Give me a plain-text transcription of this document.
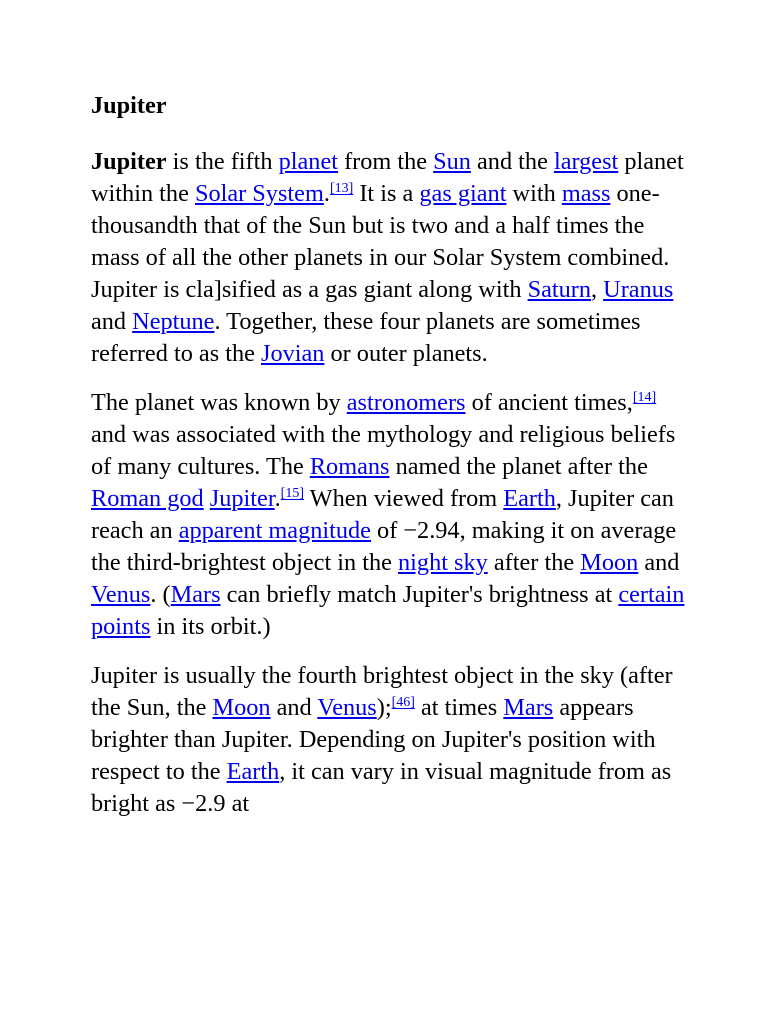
Jupiter

Jupiter is the fifth planet from the Sun and the largest planet within the Solar System.[13] It is a gas giant with mass one-thousandth that of the Sun but is two and a half times the mass of all the other planets in our Solar System combined. Jupiter is cla]sified as a gas giant along with Saturn, Uranus and Neptune. Together, these four planets are sometimes referred to as the Jovian or outer planets.

The planet was known by astronomers of ancient times,[14] and was associated with the mythology and religious beliefs of many cultures. The Romans named the planet after the Roman god Jupiter.[15] When viewed from Earth, Jupiter can reach an apparent magnitude of −2.94, making it on average the third-brightest object in the night sky after the Moon and Venus. (Mars can briefly match Jupiter's brightness at certain points in its orbit.)

Jupiter is usually the fourth brightest object in the sky (after the Sun, the Moon and Venus);[46] at times Mars appears brighter than Jupiter. Depending on Jupiter's position with respect to the Earth, it can vary in visual magnitude from as bright as −2.9 at
